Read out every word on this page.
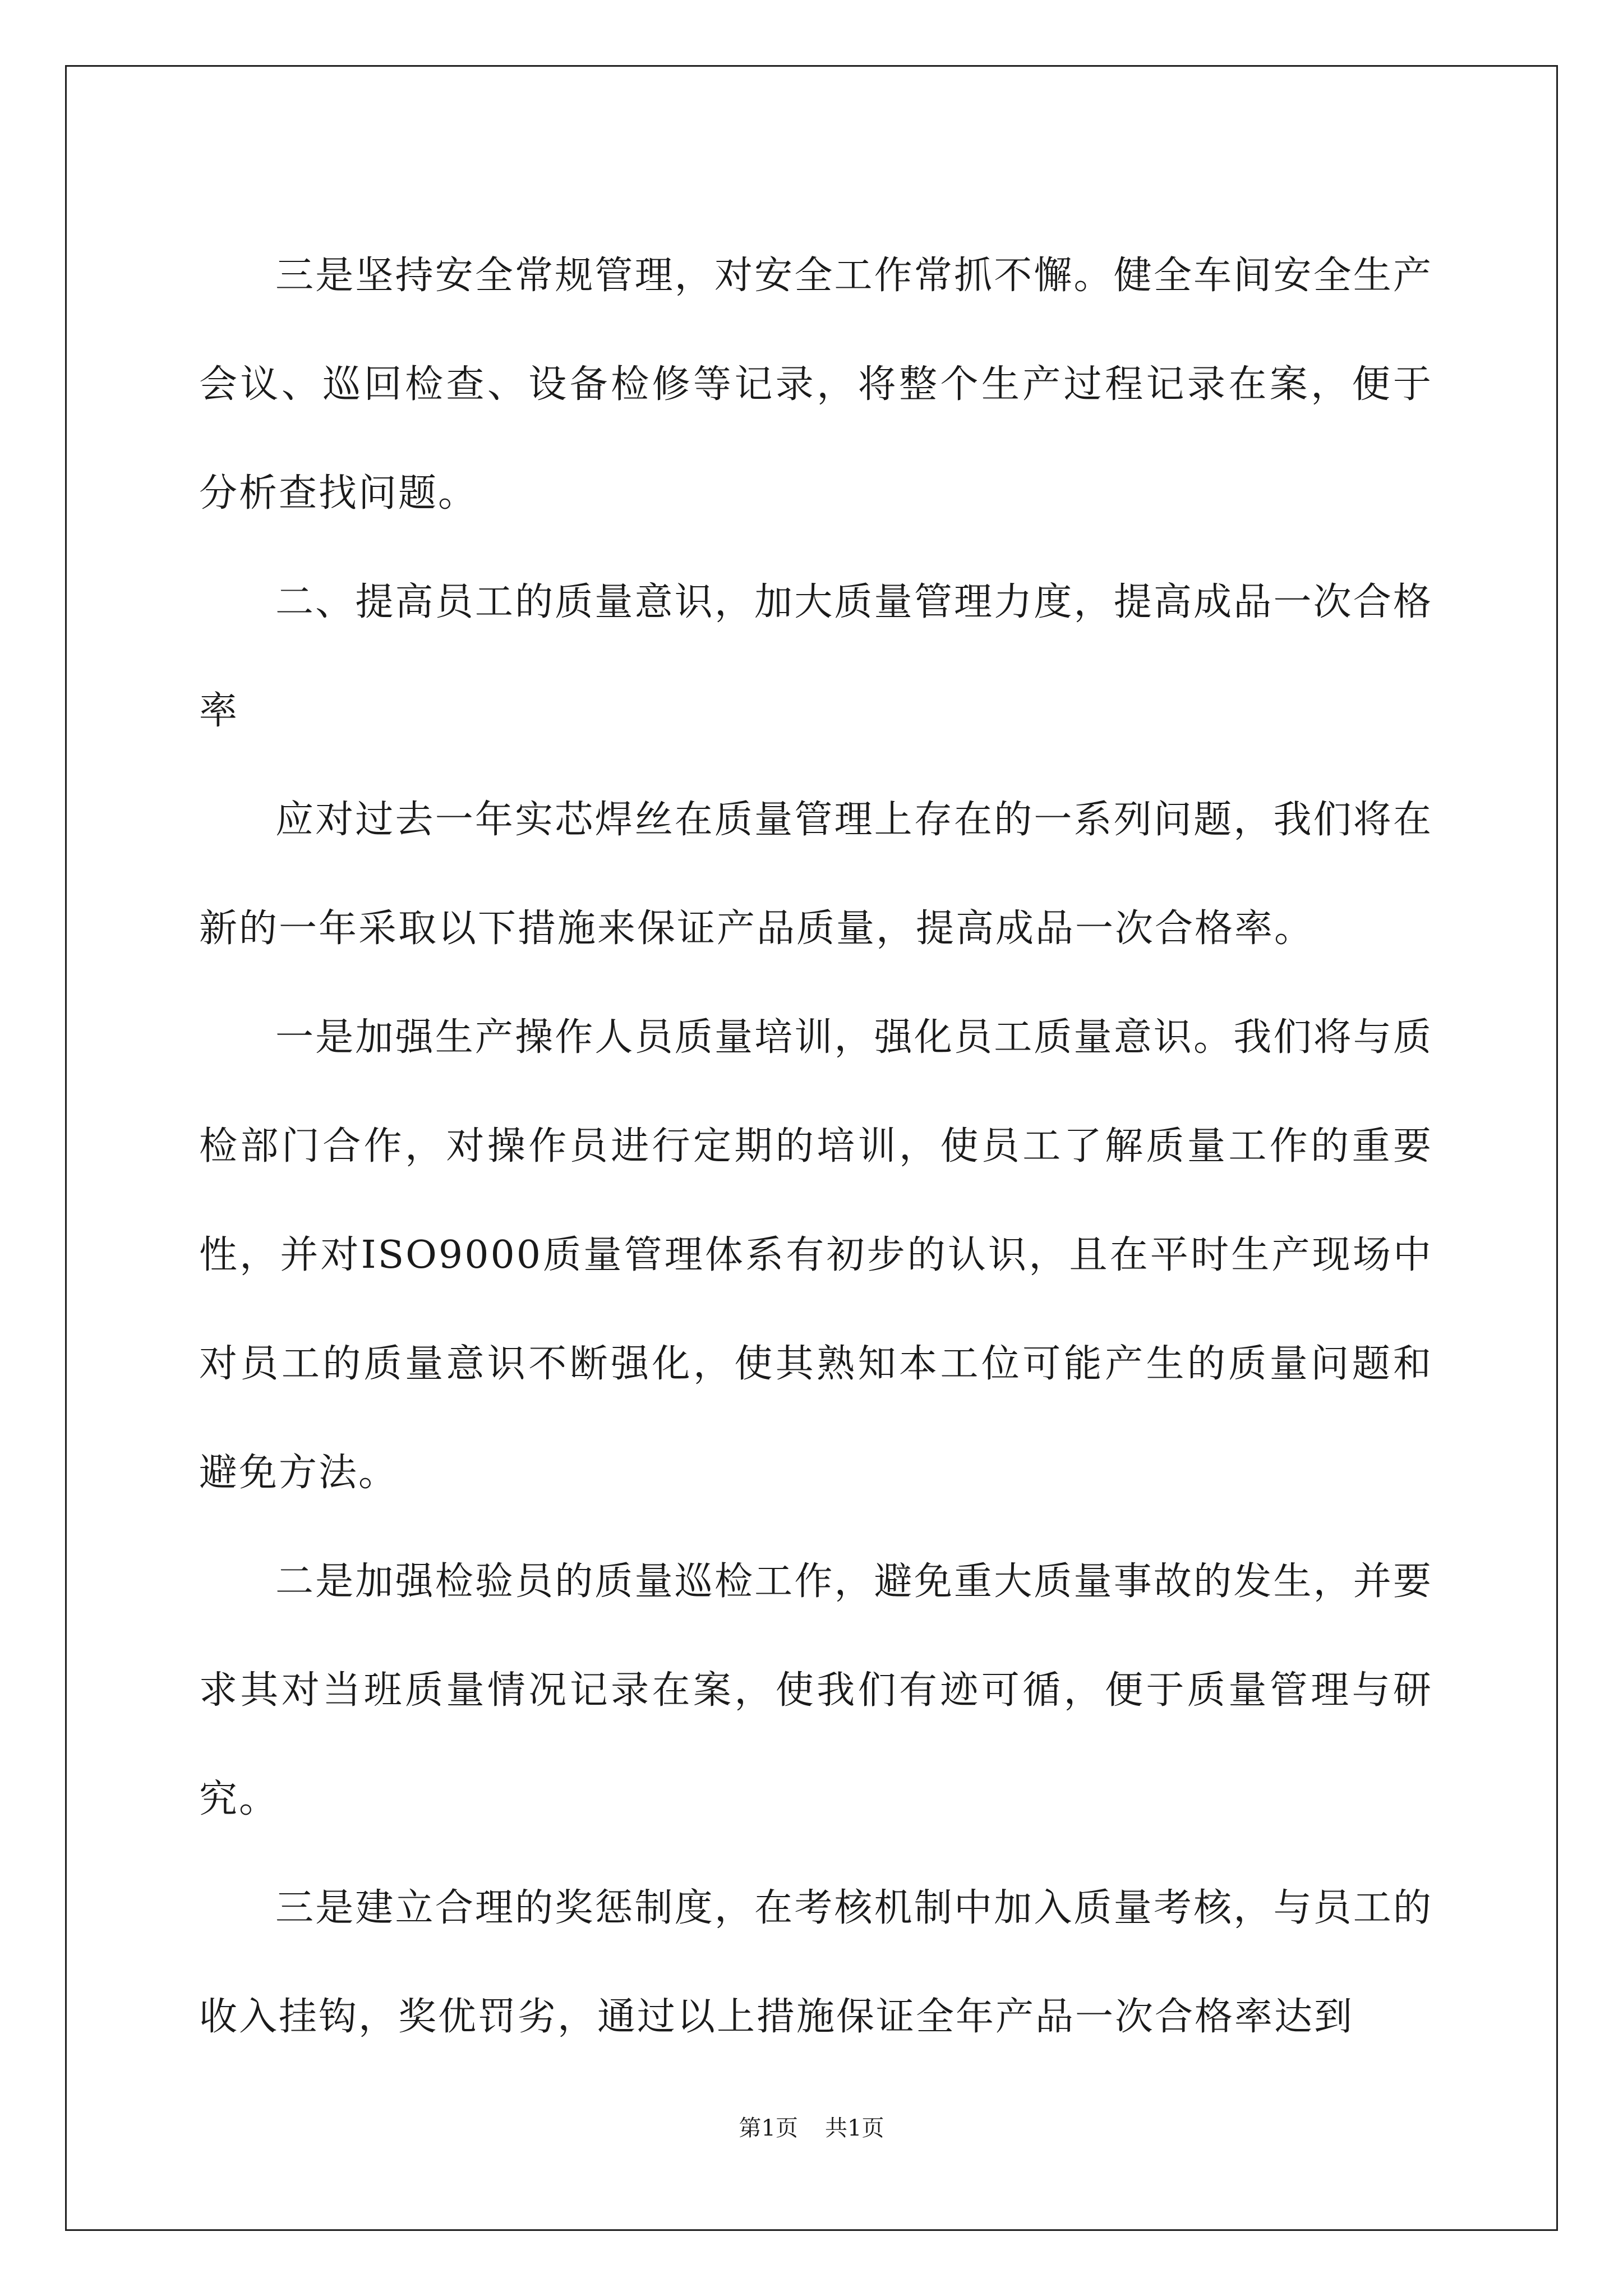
三是坚持安全常规管理，对安全工作常抓不懈。健全车间安全生产会议、巡回检查、设备检修等记录，将整个生产过程记录在案，便于分析查找问题。

二、提高员工的质量意识，加大质量管理力度，提高成品一次合格率

应对过去一年实芯焊丝在质量管理上存在的一系列问题，我们将在新的一年采取以下措施来保证产品质量，提高成品一次合格率。

一是加强生产操作人员质量培训，强化员工质量意识。我们将与质检部门合作，对操作员进行定期的培训，使员工了解质量工作的重要性，并对ISO9000质量管理体系有初步的认识，且在平时生产现场中对员工的质量意识不断强化，使其熟知本工位可能产生的质量问题和避免方法。

二是加强检验员的质量巡检工作，避免重大质量事故的发生，并要求其对当班质量情况记录在案，使我们有迹可循，便于质量管理与研究。

三是建立合理的奖惩制度，在考核机制中加入质量考核，与员工的收入挂钩，奖优罚劣，通过以上措施保证全年产品一次合格率达到

第1页 共1页
